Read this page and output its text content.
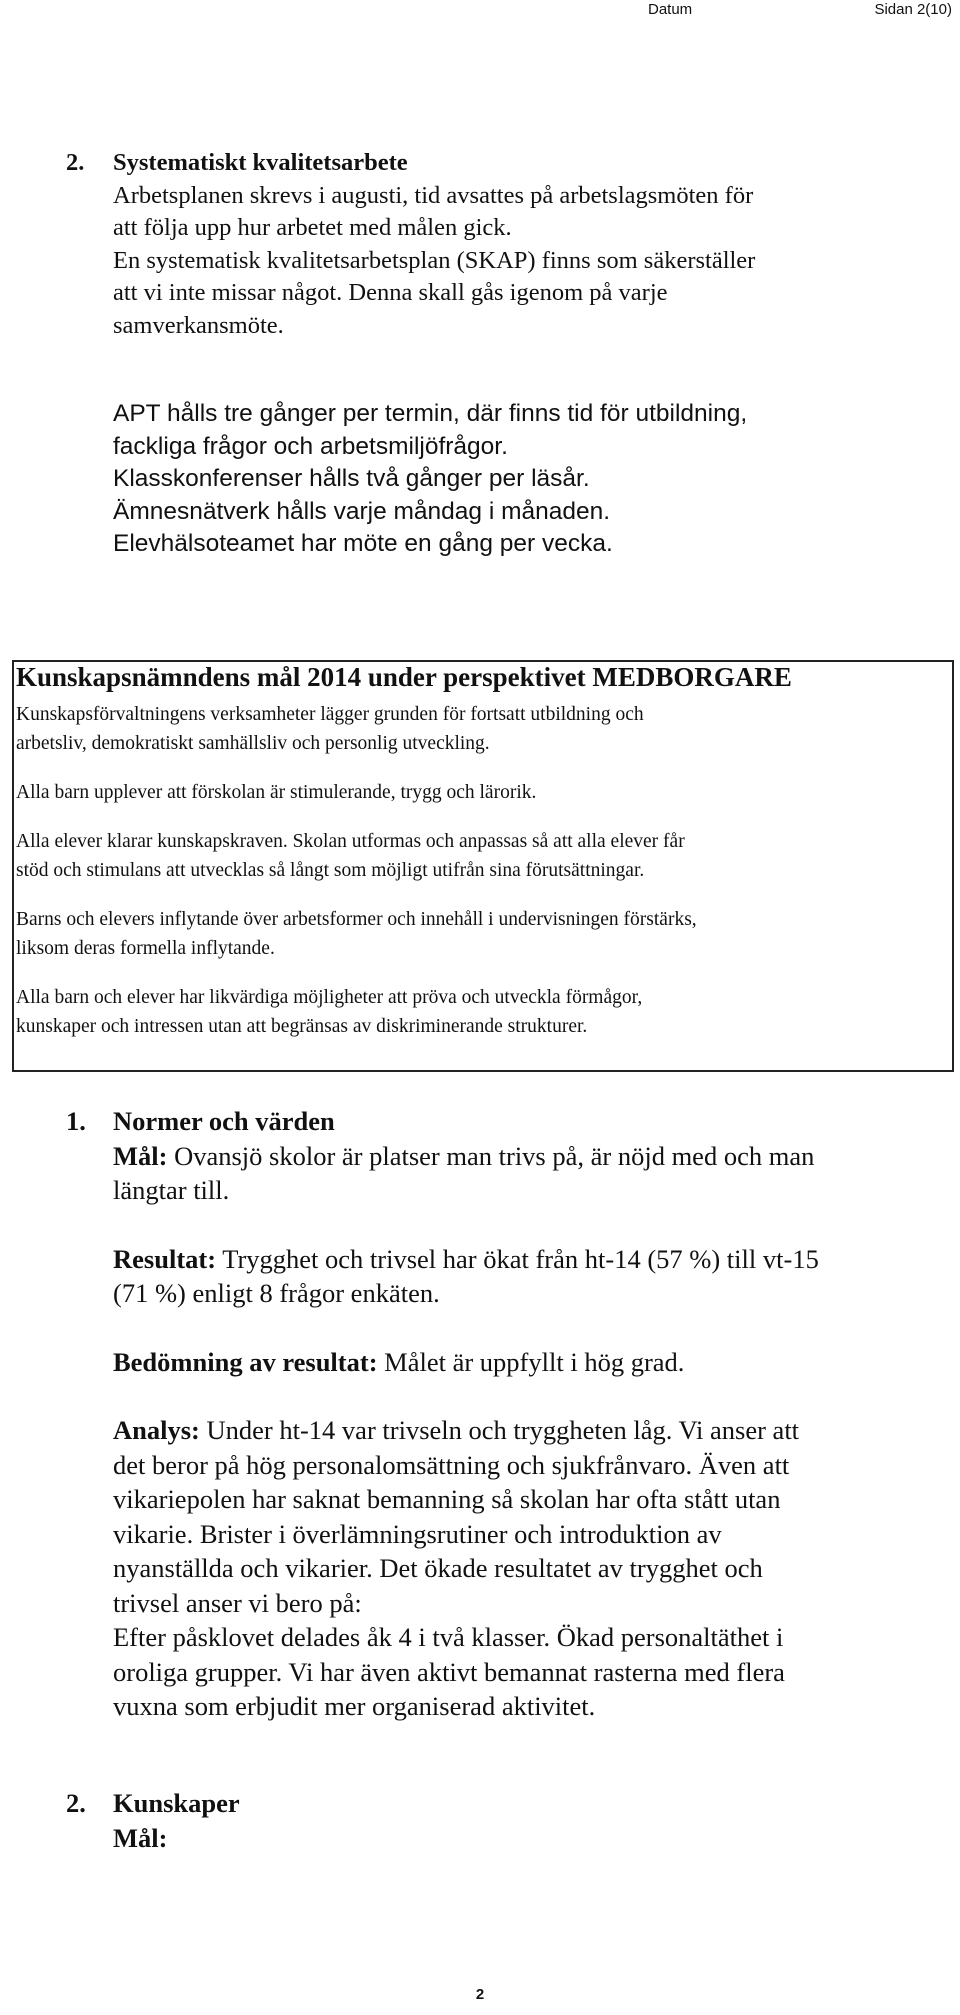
Datum	Sidan 2(10)
2. Systematiskt kvalitetsarbete
Arbetsplanen skrevs i augusti, tid avsattes på arbetslagsmöten för
att följa upp hur arbetet med målen gick.
En systematisk kvalitetsarbetsplan (SKAP) finns som säkerställer
att vi inte missar något. Denna skall gås igenom på varje
samverkansmöte.
APT hålls tre gånger per termin, där finns tid för utbildning,
fackliga frågor och arbetsmiljöfrågor.
Klasskonferenser hålls två gånger per läsår.
Ämnesnätverk hålls varje måndag i månaden.
Elevhälsoteamet har möte en gång per vecka.
Kunskapsnämndens mål 2014 under perspektivet MEDBORGARE

Kunskapsförvaltningens verksamheter lägger grunden för fortsatt utbildning och
arbetsliv, demokratiskt samhällsliv och personlig utveckling.

Alla barn upplever att förskolan är stimulerande, trygg och lärorik.

Alla elever klarar kunskapskraven. Skolan utformas och anpassas så att alla elever får
stöd och stimulans att utvecklas så långt som möjligt utifrån sina förutsättningar.

Barns och elevers inflytande över arbetsformer och innehåll i undervisningen förstärks,
liksom deras formella inflytande.

Alla barn och elever har likvärdiga möjligheter att pröva och utveckla förmågor,
kunskaper och intressen utan att begränsas av diskriminerande strukturer.

1. Normer och värden
Mål: Ovansjö skolor är platser man trivs på, är nöjd med och man
längtar till.
Resultat: Trygghet och trivsel har ökat från ht-14 (57 %) till vt-15
(71 %) enligt 8 frågor enkäten.
Bedömning av resultat: Målet är uppfyllt i hög grad.
Analys: Under ht-14 var trivseln och tryggheten låg. Vi anser att
det beror på hög personalomsättning och sjukfrånvaro. Även att
vikariepolen har saknat bemanning så skolan har ofta stått utan
vikarie. Brister i överlämningsrutiner och introduktion av
nyanställda och vikarier. Det ökade resultatet av trygghet och
trivsel anser vi bero på:
Efter påsklovet delades åk 4 i två klasser. Ökad personaltäthet i
oroliga grupper. Vi har även aktivt bemannat rasterna med flera
vuxna som erbjudit mer organiserad aktivitet.
2. Kunskaper
Mål:
2
